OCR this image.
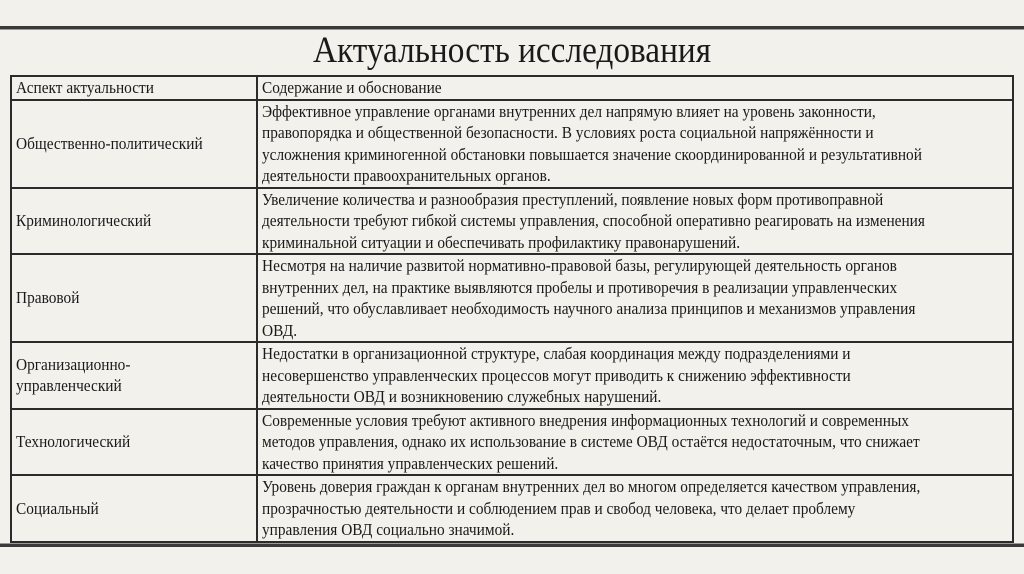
Актуальность исследования
Аспект актуальности	Содержание и обоснование

Общественно-политический	Эффективное управление органами внутренних дел напрямую влияет на уровень законности,
правопорядка и общественной безопасности. В условиях роста социальной напряжённости и
усложнения криминогенной обстановки повышается значение скоординированной и результативной
деятельности правоохранительных органов.

Криминологический	Увеличение количества и разнообразия преступлений, появление новых форм противоправной
деятельности требуют гибкой системы управления, способной оперативно реагировать на изменения
криминальной ситуации и обеспечивать профилактику правонарушений.

Правовой	Несмотря на наличие развитой нормативно-правовой базы, регулирующей деятельность органов
внутренних дел, на практике выявляются пробелы и противоречия в реализации управленческих
решений, что обуславливает необходимость научного анализа принципов и механизмов управления
ОВД.

Организационно-
управленческий	Недостатки в организационной структуре, слабая координация между подразделениями и
несовершенство управленческих процессов могут приводить к снижению эффективности
деятельности ОВД и возникновению служебных нарушений.

Технологический	Современные условия требуют активного внедрения информационных технологий и современных
методов управления, однако их использование в системе ОВД остаётся недостаточным, что снижает
качество принятия управленческих решений.

Социальный	Уровень доверия граждан к органам внутренних дел во многом определяется качеством управления,
прозрачностью деятельности и соблюдением прав и свобод человека, что делает проблему
управления ОВД социально значимой.
